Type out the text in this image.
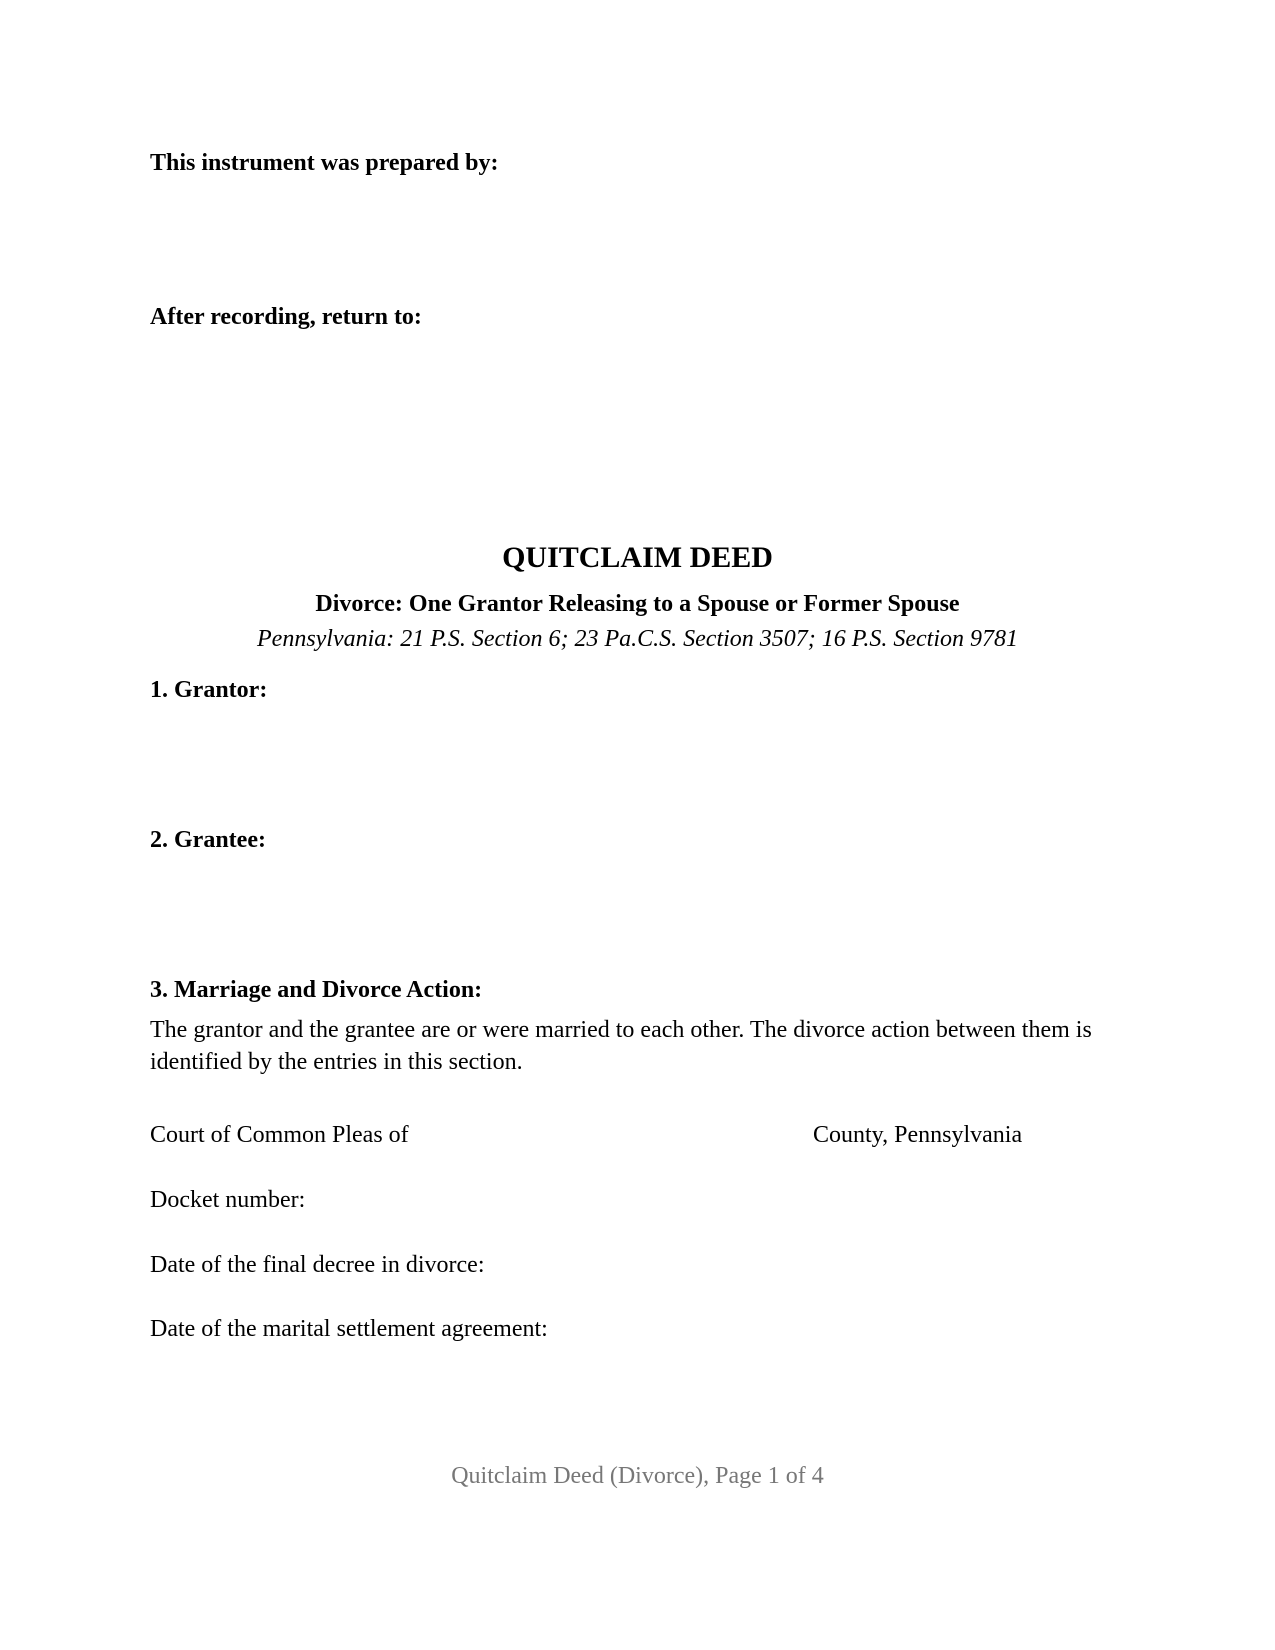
This instrument was prepared by:
After recording, return to:
QUITCLAIM DEED
Divorce: One Grantor Releasing to a Spouse or Former Spouse
Pennsylvania: 21 P.S. Section 6; 23 Pa.C.S. Section 3507; 16 P.S. Section 9781
1. Grantor:
2. Grantee:
3. Marriage and Divorce Action:
The grantor and the grantee are or were married to each other. The divorce action between them is identified by the entries in this section.
Court of Common Pleas of	County, Pennsylvania
Docket number:
Date of the final decree in divorce:
Date of the marital settlement agreement:
Quitclaim Deed (Divorce), Page 1 of 4
